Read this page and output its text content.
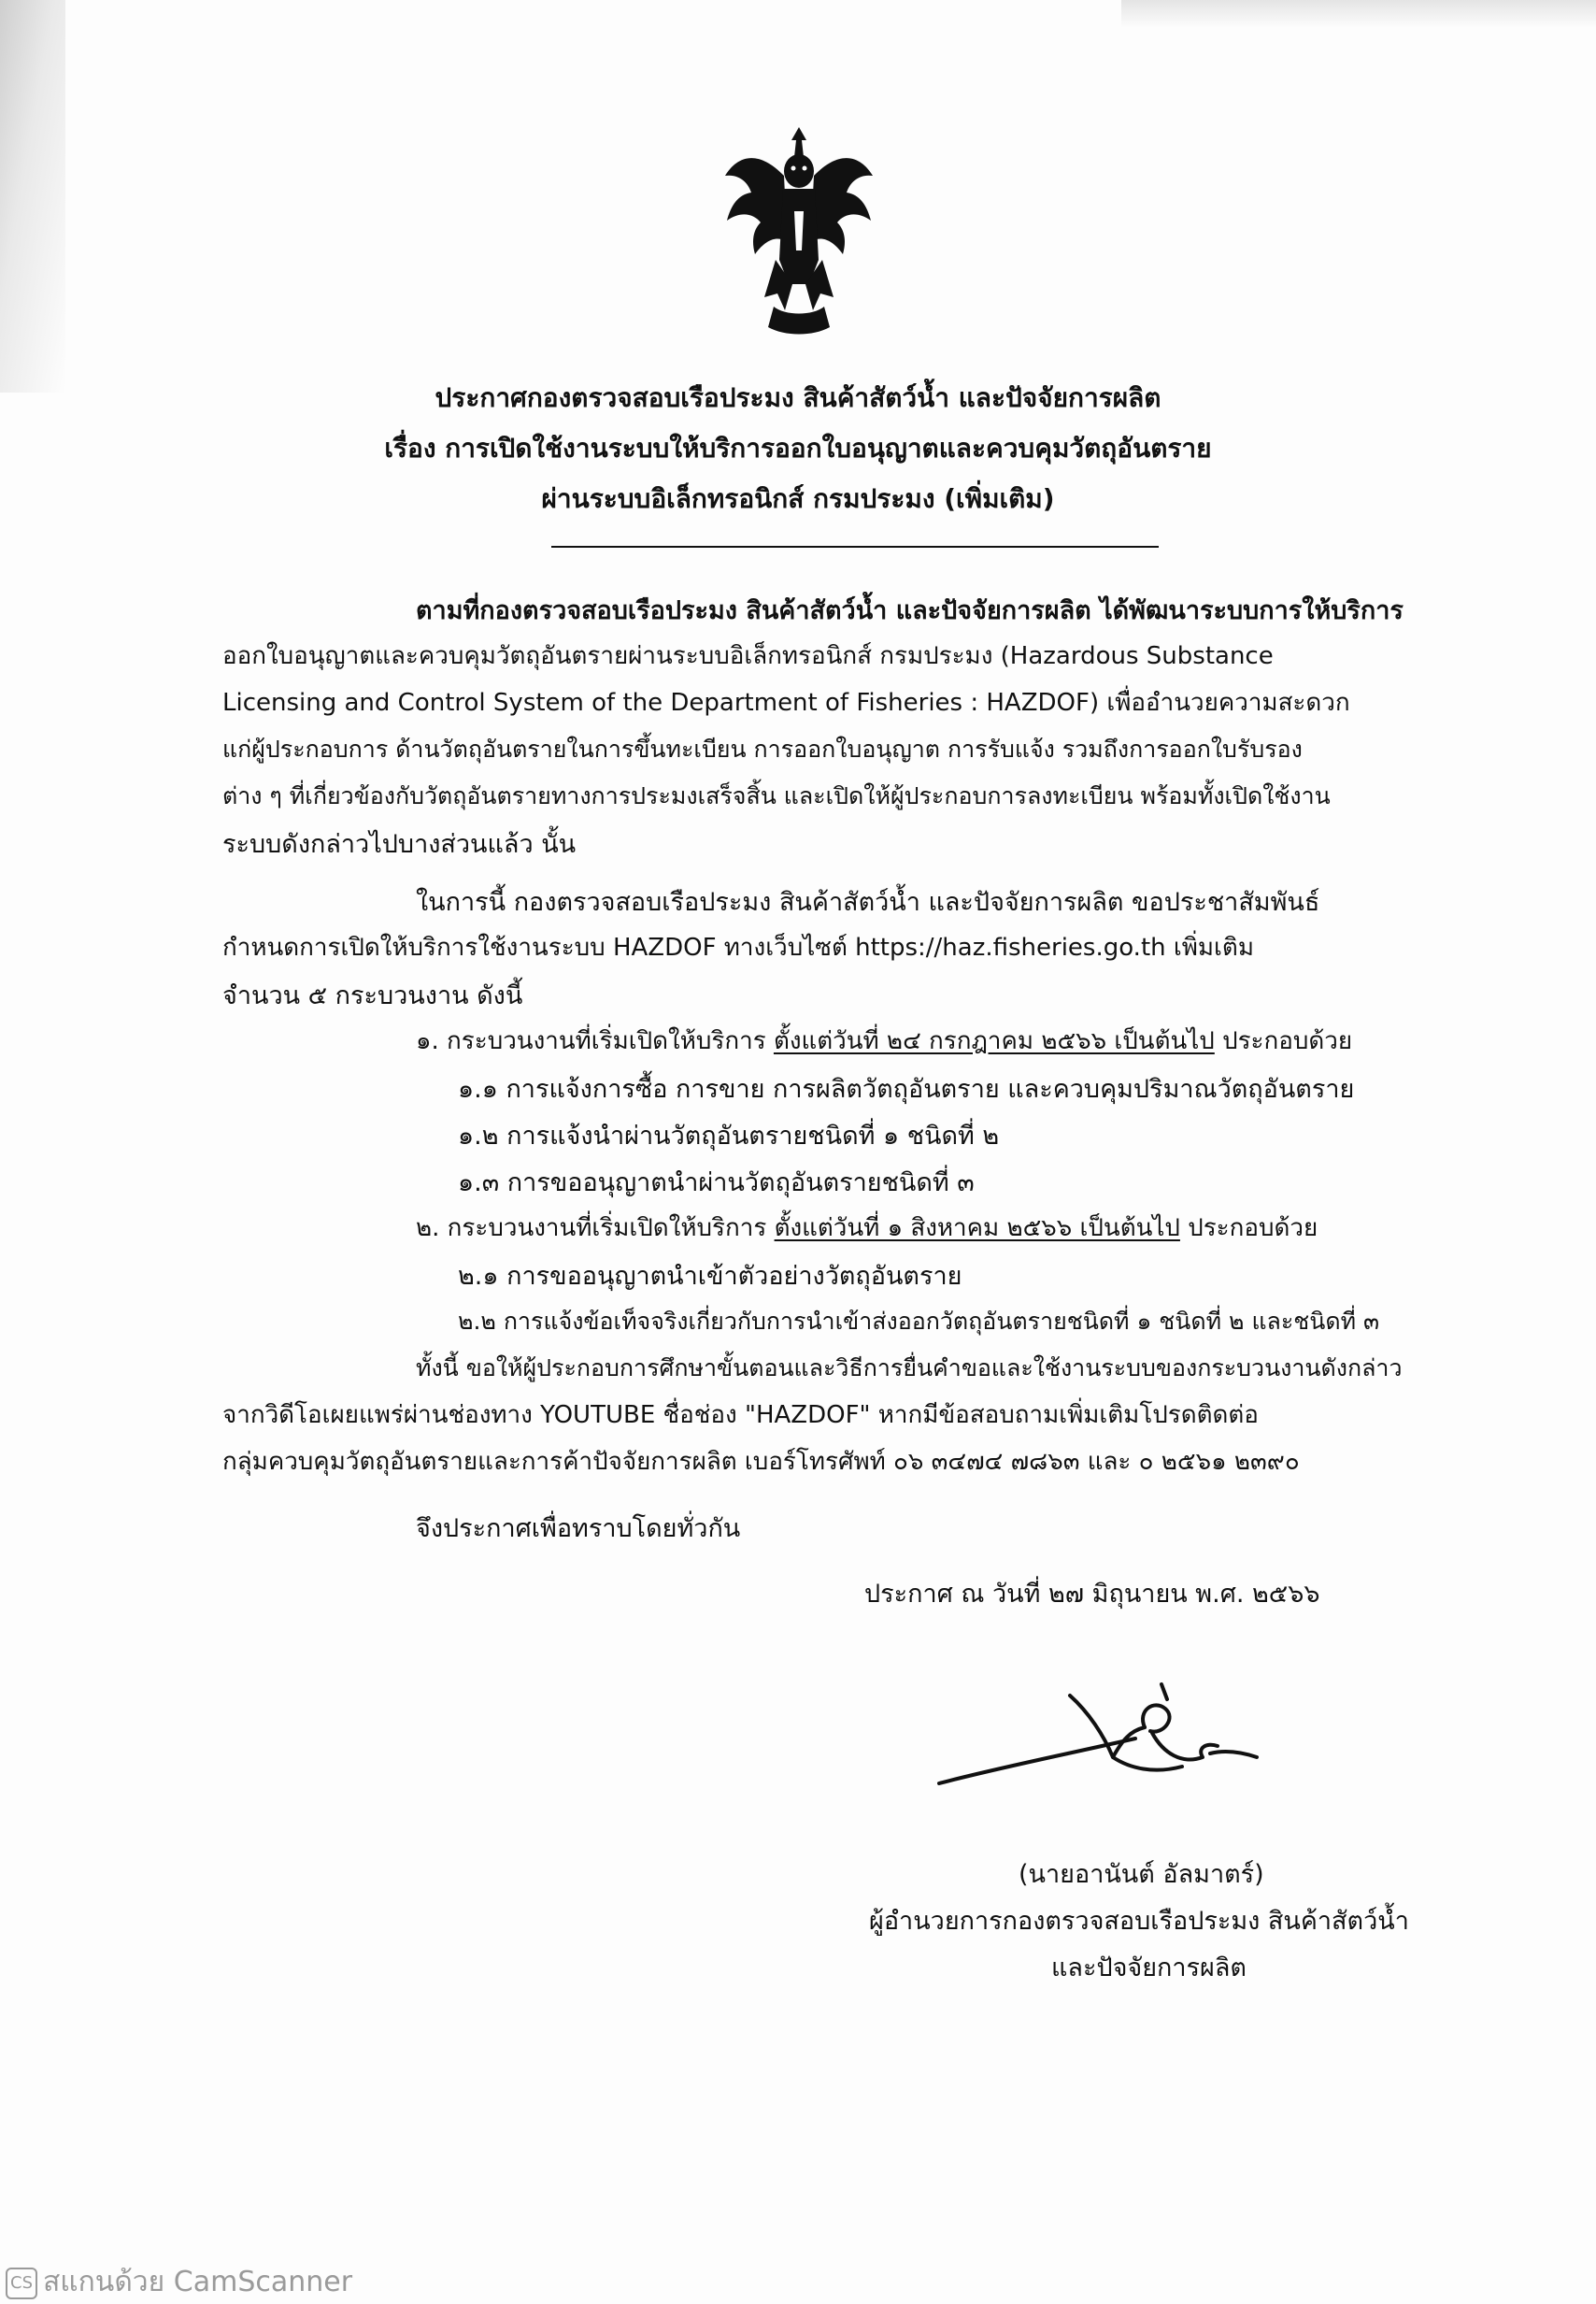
ประกาศกองตรวจสอบเรือประมง สินค้าสัตว์น้ำ และปัจจัยการผลิต
เรื่อง การเปิดใช้งานระบบให้บริการออกใบอนุญาตและควบคุมวัตถุอันตราย
ผ่านระบบอิเล็กทรอนิกส์ กรมประมง (เพิ่มเติม)
ตามที่กองตรวจสอบเรือประมง สินค้าสัตว์น้ำ และปัจจัยการผลิต ได้พัฒนาระบบการให้บริการ
ออกใบอนุญาตและควบคุมวัตถุอันตรายผ่านระบบอิเล็กทรอนิกส์ กรมประมง (Hazardous Substance
Licensing and Control System of the Department of Fisheries : HAZDOF) เพื่ออำนวยความสะดวก
แก่ผู้ประกอบการ ด้านวัตถุอันตรายในการขึ้นทะเบียน การออกใบอนุญาต การรับแจ้ง รวมถึงการออกใบรับรอง
ต่าง ๆ ที่เกี่ยวข้องกับวัตถุอันตรายทางการประมงเสร็จสิ้น และเปิดให้ผู้ประกอบการลงทะเบียน พร้อมทั้งเปิดใช้งาน
ระบบดังกล่าวไปบางส่วนแล้ว นั้น
ในการนี้ กองตรวจสอบเรือประมง สินค้าสัตว์น้ำ และปัจจัยการผลิต ขอประชาสัมพันธ์
กำหนดการเปิดให้บริการใช้งานระบบ HAZDOF ทางเว็บไซต์ https://haz.fisheries.go.th เพิ่มเติม
จำนวน ๕ กระบวนงาน ดังนี้
๑. กระบวนงานที่เริ่มเปิดให้บริการ ตั้งแต่วันที่ ๒๔ กรกฎาคม ๒๕๖๖ เป็นต้นไป ประกอบด้วย
๑.๑ การแจ้งการซื้อ การขาย การผลิตวัตถุอันตราย และควบคุมปริมาณวัตถุอันตราย
๑.๒ การแจ้งนำผ่านวัตถุอันตรายชนิดที่ ๑ ชนิดที่ ๒
๑.๓ การขออนุญาตนำผ่านวัตถุอันตรายชนิดที่ ๓
๒. กระบวนงานที่เริ่มเปิดให้บริการ ตั้งแต่วันที่ ๑ สิงหาคม ๒๕๖๖ เป็นต้นไป ประกอบด้วย
๒.๑ การขออนุญาตนำเข้าตัวอย่างวัตถุอันตราย
๒.๒ การแจ้งข้อเท็จจริงเกี่ยวกับการนำเข้าส่งออกวัตถุอันตรายชนิดที่ ๑ ชนิดที่ ๒ และชนิดที่ ๓
ทั้งนี้ ขอให้ผู้ประกอบการศึกษาขั้นตอนและวิธีการยื่นคำขอและใช้งานระบบของกระบวนงานดังกล่าว
จากวิดีโอเผยแพร่ผ่านช่องทาง YOUTUBE ชื่อช่อง "HAZDOF" หากมีข้อสอบถามเพิ่มเติมโปรดติดต่อ
กลุ่มควบคุมวัตถุอันตรายและการค้าปัจจัยการผลิต เบอร์โทรศัพท์ ๐๖ ๓๔๗๔ ๗๘๖๓ และ ๐ ๒๕๖๑ ๒๓๙๐
จึงประกาศเพื่อทราบโดยทั่วกัน
ประกาศ ณ วันที่ ๒๗ มิถุนายน พ.ศ. ๒๕๖๖
(นายอานันต์ อัลมาตร์)
ผู้อำนวยการกองตรวจสอบเรือประมง สินค้าสัตว์น้ำ
และปัจจัยการผลิต
CS สแกนด้วย CamScanner
